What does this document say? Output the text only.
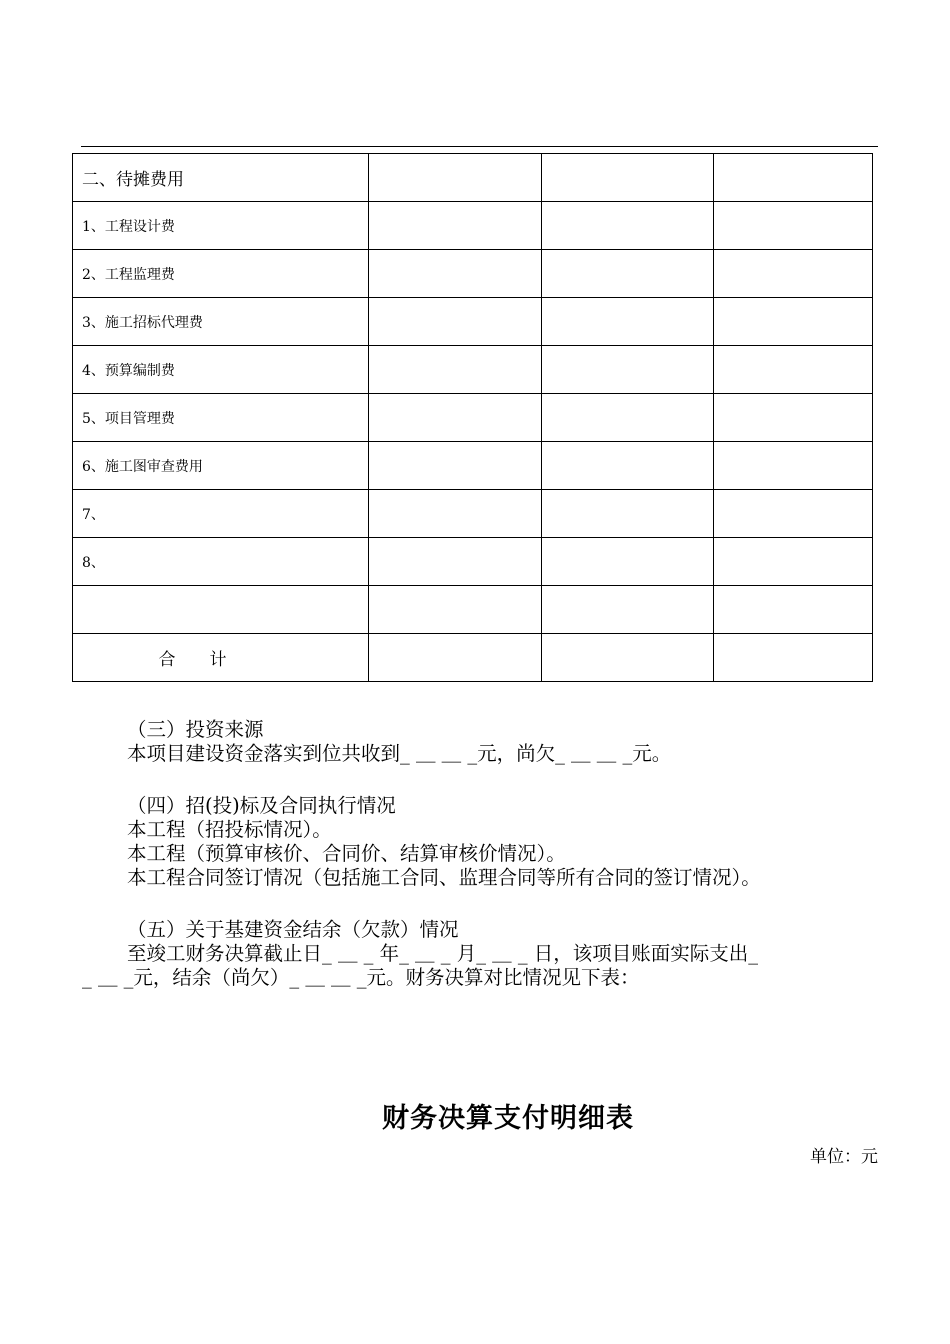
二、待摊费用			
1、工程设计费			
2、工程监理费			
3、施工招标代理费			
4、预算编制费			
5、项目管理费			
6、施工图审查费用			
7、			
8、			

合　　计			

（三）投资来源

本项目建设资金落实到位共收到_ ＿ ＿ _元，尚欠_ ＿ ＿ _元。

（四）招(投)标及合同执行情况

本工程（招投标情况）。

本工程（预算审核价、合同价、结算审核价情况）。

本工程合同签订情况（包括施工合同、监理合同等所有合同的签订情况）。

（五）关于基建资金结余（欠款）情况

至竣工财务决算截止日_ ＿ _ 年_ ＿ _ 月_ ＿ _ 日，该项目账面实际支出_

_ ＿ _元，结余（尚欠）_ ＿ ＿ _元。财务决算对比情况见下表：

财务决算支付明细表
单位：元
